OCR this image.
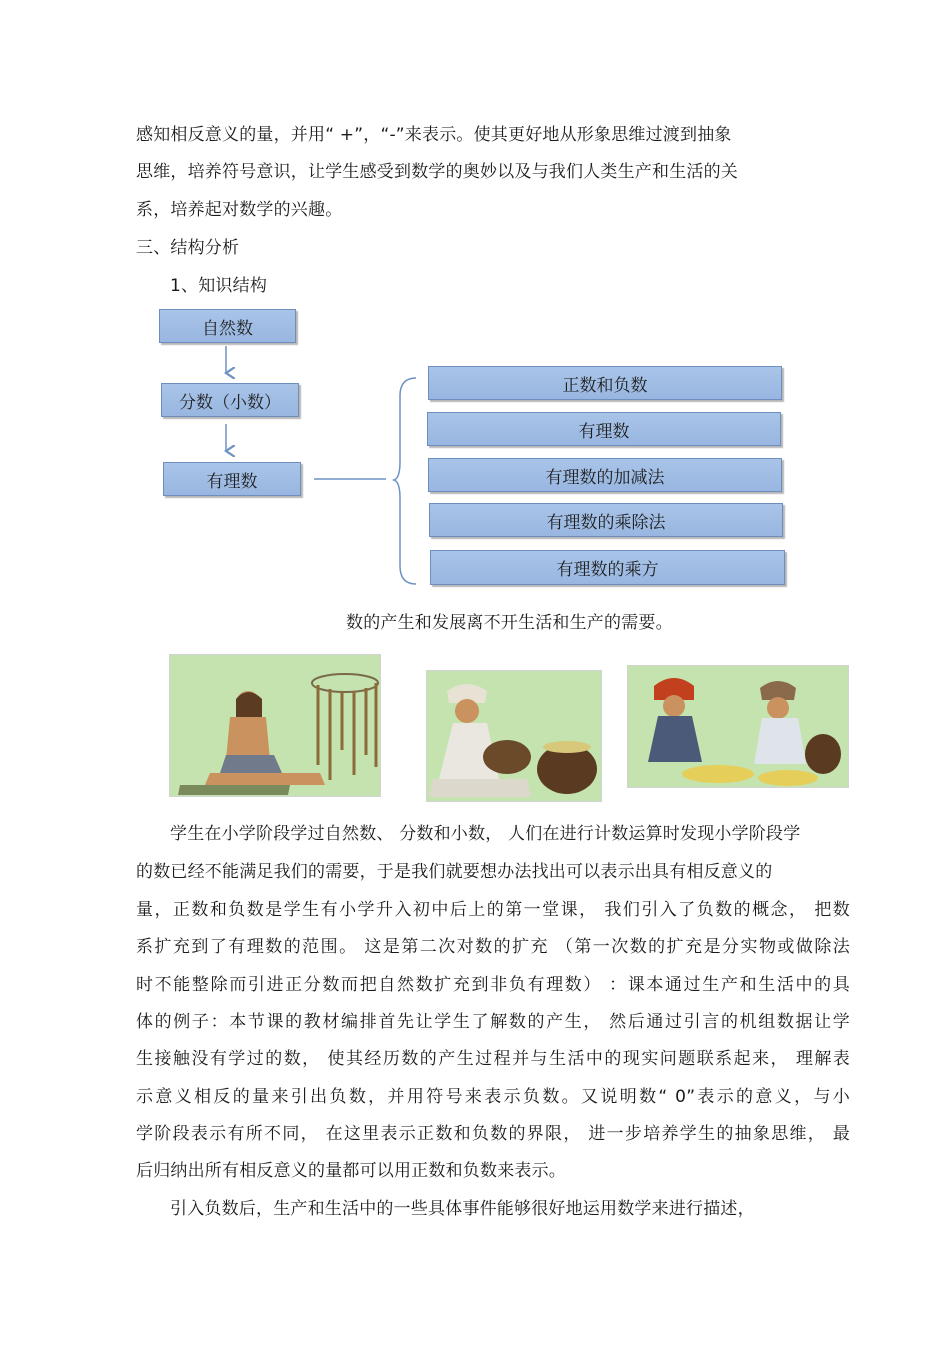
感知相反意义的量，并用“ +”，“-”来表示。使其更好地从形象思维过渡到抽象
思维，培养符号意识，让学生感受到数学的奥妙以及与我们人类生产和生活的关
系，培养起对数学的兴趣。
三、结构分析
1、知识结构
自然数
分数（小数）
有理数
正数和负数
有理数
有理数的加减法
有理数的乘除法
有理数的乘方
数的产生和发展离不开生活和生产的需要。
学生在小学阶段学过自然数、 分数和小数， 人们在进行计数运算时发现小学阶段学
的数已经不能满足我们的需要，于是我们就要想办法找出可以表示出具有相反意义的
量，正数和负数是学生有小学升入初中后上的第一堂课， 我们引入了负数的概念， 把数
系扩充到了有理数的范围。 这是第二次对数的扩充 （第一次数的扩充是分实物或做除法
时不能整除而引进正分数而把自然数扩充到非负有理数） ：课本通过生产和生活中的具
体的例子：本节课的教材编排首先让学生了解数的产生， 然后通过引言的机组数据让学
生接触没有学过的数， 使其经历数的产生过程并与生活中的现实问题联系起来， 理解表
示意义相反的量来引出负数，并用符号来表示负数。又说明数“ 0”表示的意义，与小
学阶段表示有所不同， 在这里表示正数和负数的界限， 进一步培养学生的抽象思维， 最
后归纳出所有相反意义的量都可以用正数和负数来表示。
引入负数后，生产和生活中的一些具体事件能够很好地运用数学来进行描述，
